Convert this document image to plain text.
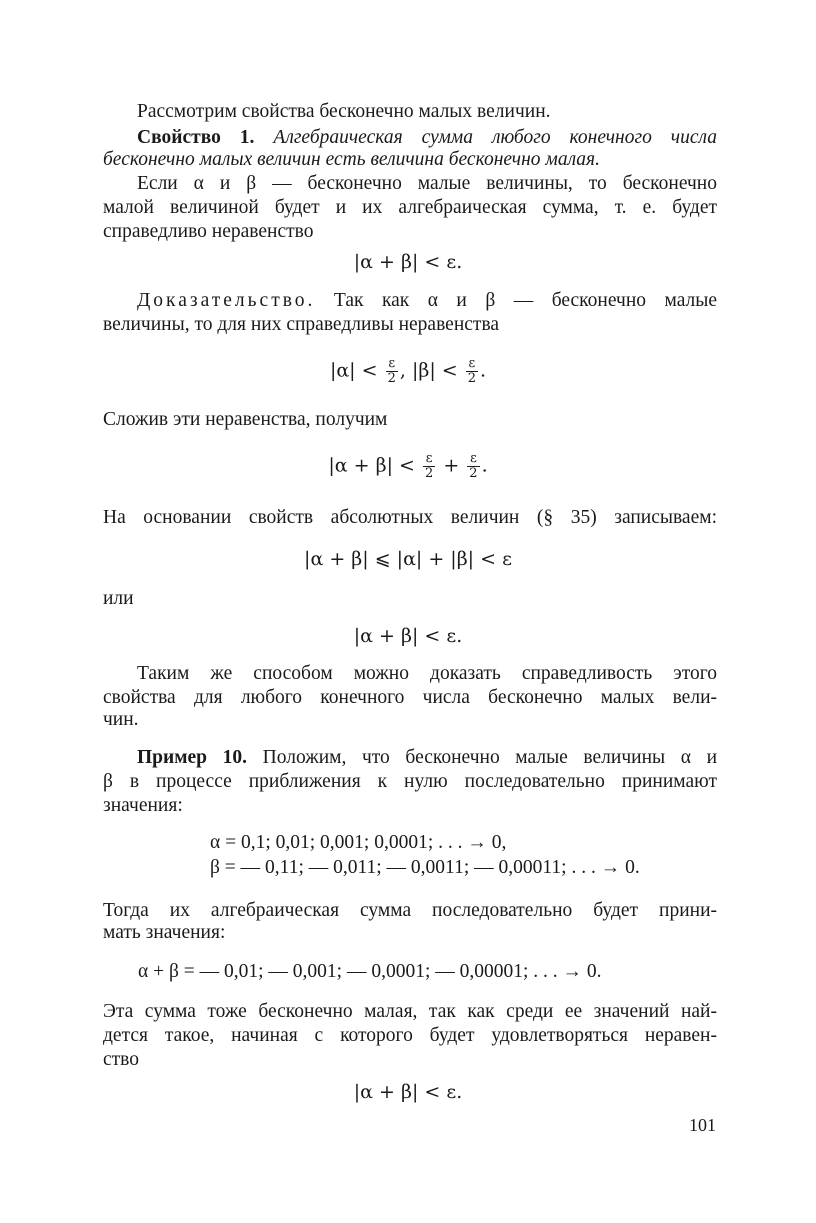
Рассмотрим свойства бесконечно малых величин.
Свойство 1. Алгебраическая сумма любого конечного числа
бесконечно малых величин есть величина бесконечно малая.
Если α и β — бесконечно малые величины, то бесконечно
малой величиной будет и их алгебраическая сумма, т. е. будет
справедливо неравенство
|α + β| < ε.
Доказательство. Так как α и β — бесконечно малые
величины, то для них справедливы неравенства
$|\alpha| < \frac{\varepsilon}{2}$ , $|\beta| < \frac{\varepsilon}{2}$ .
Сложив эти неравенства, получим
$|\alpha + \beta| < \frac{\varepsilon}{2} + \frac{\varepsilon}{2}$ .
На основании свойств абсолютных величин (§ 35) записываем:
|α + β| ⩽ |α| + |β| < ε
или
|α + β| < ε.
Таким же способом можно доказать справедливость этого
свойства для любого конечного числа бесконечно малых вели-
чин.
Пример 10. Положим, что бесконечно малые величины α и
β в процессе приближения к нулю последовательно принимают
значения:
α = 0,1; 0,01; 0,001; 0,0001; . . . → 0,
β = — 0,11; — 0,011; — 0,0011; — 0,00011; . . . → 0.
Тогда их алгебраическая сумма последовательно будет прини-
мать значения:
α + β = — 0,01; — 0,001; — 0,0001; — 0,00001; . . . → 0.
Эта сумма тоже бесконечно малая, так как среди ее значений най-
дется такое, начиная с которого будет удовлетворяться неравен-
ство
|α + β| < ε.
101
